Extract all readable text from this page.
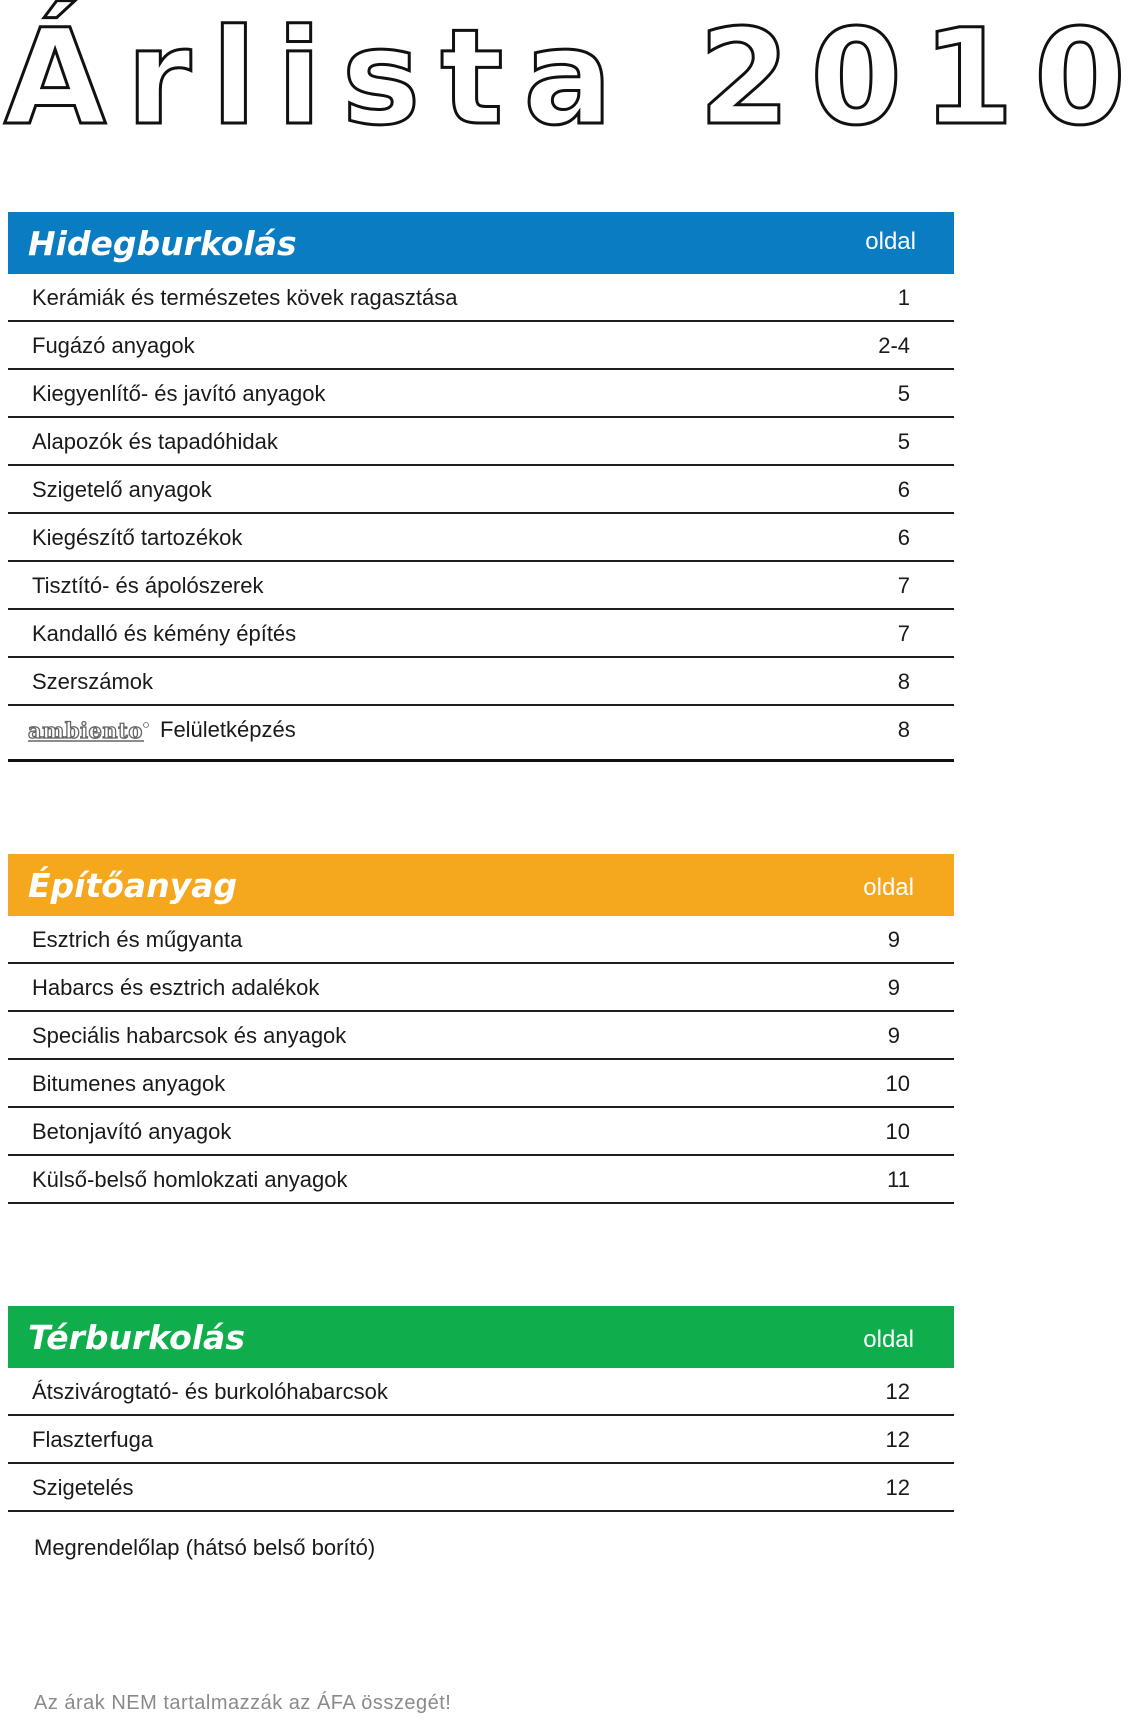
Árlista 2010
Hidegburkolás	oldal
Kerámiák és természetes kövek ragasztása	1
Fugázó anyagok	2-4
Kiegyenlítő- és javító anyagok	5
Alapozók és tapadóhidak	5
Szigetelő anyagok	6
Kiegészítő tartozékok	6
Tisztító- és ápolószerek	7
Kandalló és kémény építés	7
Szerszámok	8
ambiento Felületképzés	8
Építőanyag	oldal
Esztrich és műgyanta	9
Habarcs és esztrich adalékok	9
Speciális habarcsok és anyagok	9
Bitumenes anyagok	10
Betonjavító anyagok	10
Külső-belső homlokzati anyagok	11
Térburkolás	oldal
Átszivárogtató- és burkolóhabarcsok	12
Flaszterfuga	12
Szigetelés	12
Megrendelőlap (hátsó belső borító)
Az árak NEM tartalmazzák az ÁFA összegét!
